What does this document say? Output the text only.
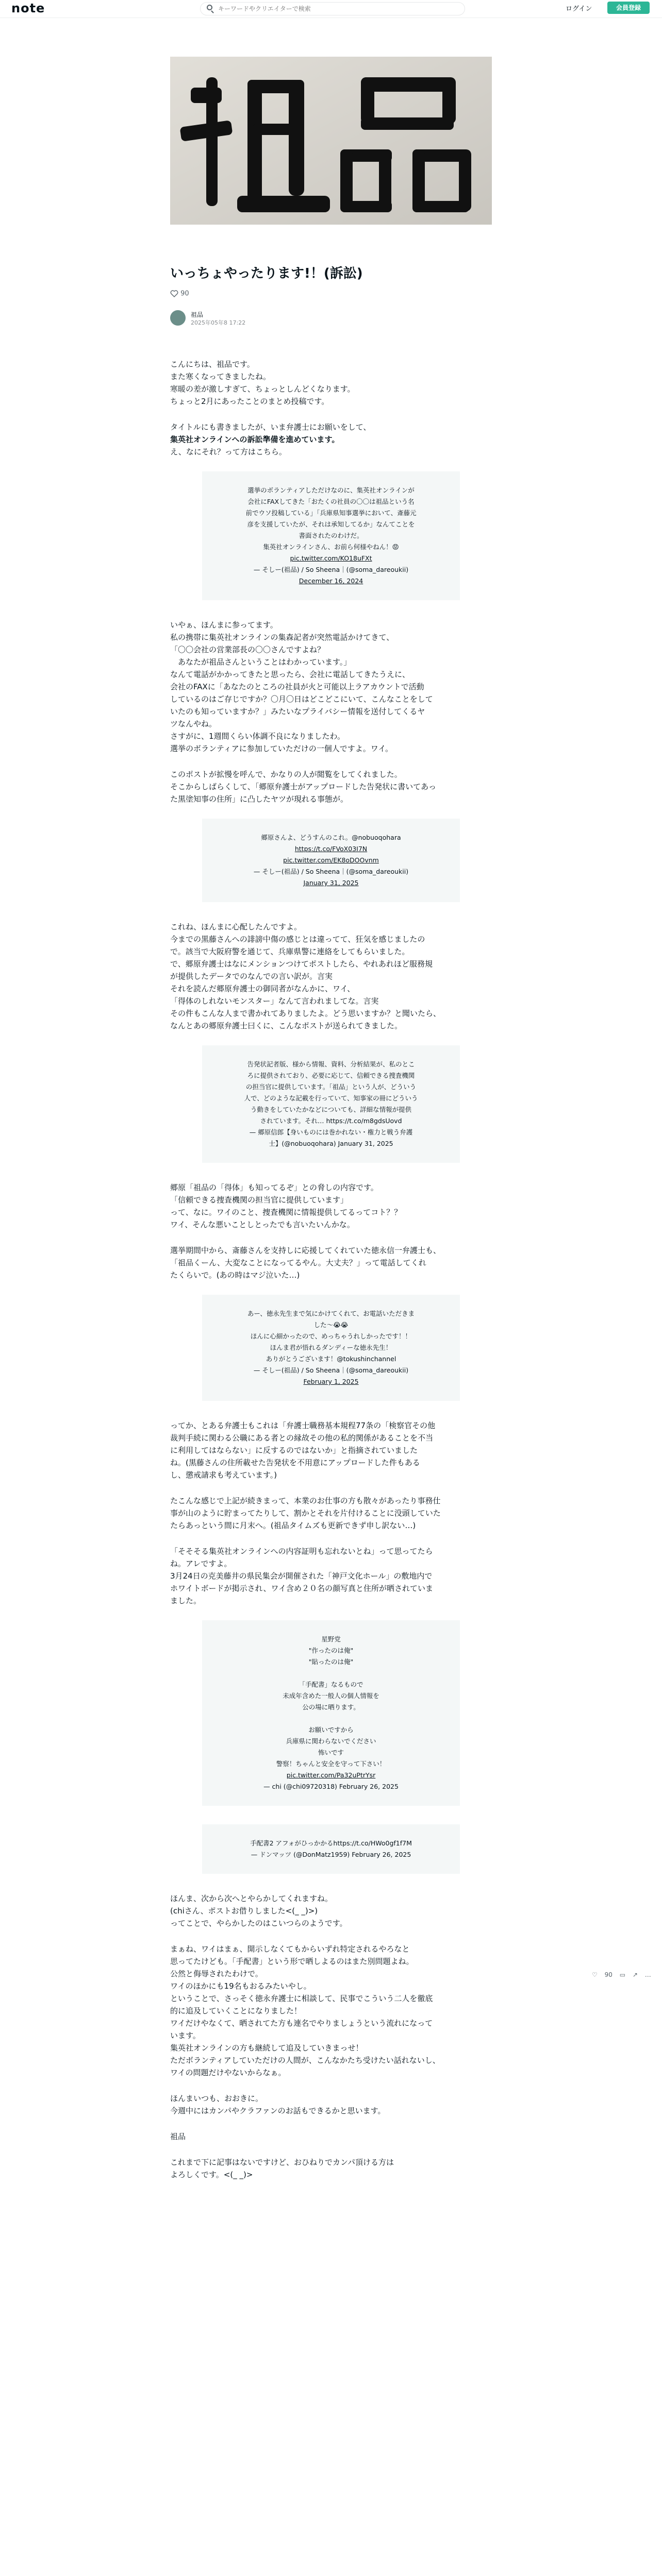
note
キーワードやクリエイターで検索	ログイン	会員登録
いっちょやったります!！(訴訟)
90
祖品
2025年05年8 17:22

こんにちは、祖品です。
また寒くなってきましたね。
寒暖の差が激しすぎて、ちょっとしんどくなります。
ちょっと2月にあったことのまとめ投稿です。

タイトルにも書きましたが、いま弁護士にお願いをして、
集英社オンラインへの訴訟準備を進めています。
え、なにそれ？って方はこちら。

選挙のボランティアしただけなのに、集英社オンラインが
会社にFAXしてきた「おたくの社員の〇〇は祖品という名
前でウソ投稿している」「兵庫県知事選挙において、斎藤元
彦を支援していたが、それは承知してるか」なんてことを
書面されたのわけだ。
集英社オンラインさん、お前ら何様やねん！😡
pic.twitter.com/KO18uFXt
— そしー(祖品) / So Sheena｜(@soma_dareoukii)
December 16, 2024

いやぁ、ほんまに参ってます。
私の携帯に集英社オンラインの集森記者が突然電話かけてきて、
「〇〇会社の営業部長の〇〇さんですよね？
　あなたが祖品さんということはわかっています。」
なんて電話がかかってきたと思ったら、会社に電話してきたうえに、
会社のFAXに「あなたのところの社員が火と可能以上ラアカウントで活動
しているのはご存じですか？〇月〇日はどこどこにいて、こんなことをして
いたのも知っていますか？」みたいなプライバシー情報を送付してくるヤ
ツなんやね。
さすがに、1週間くらい体調不良になりましたわ。
選挙のボランティアに参加していただけの一個人ですよ。ワイ。

このポストが拡慢を呼んで、かなりの人が閲覧をしてくれました。
そこからしばらくして、「郷原弁護士がアップロードした告発状に書いてあっ
た黒塗知事の住所」に凸したヤツが現れる事態が。

郷原さんよ、どうすんのこれ。@nobuoqohara
https://t.co/FVoX03I7N
pic.twitter.com/EK8oDOOvnm
— そしー(祖品) / So Sheena｜(@soma_dareoukii)
January 31, 2025

これね、ほんまに心配したんですよ。
今までの黒藤さんへの誹謗中傷の感じとは違ってて、狂気を感じましたの
で。該当で大阪府警を通じて、兵庫県警に連絡をしてもらいました。
で、郷原弁護士はなにメンションつけてポストしたら、やれあれほど服務規
が提供したデータでのなんでの言い訳が。言実
それを読んだ郷原弁護士の御同者がなんかに、ワイ、
「得体のしれないモンスター」なんて言われましてな。言実
その件もこんな人まで書かれてありましたよ。どう思いますか？と聞いたら、
なんとあの郷原弁護士曰くに、こんなポストが送られてきました。

告発状記者版、様から情報、資料、分析結果が、私のとこ
ろに提供されており、必要に応じて、信頼できる捜査機関
の担当官に提供しています。「祖品」という人が、どういう
人で、どのような記載を行っていて、知事家の冊にどういう
う動きをしていたかなどについても、詳細な情報が提供
されています。それ… https://t.co/m8gdsUovd
— 郷原信郎【身いものには巻かれない・権力と戦う弁護
士】(@nobuoqohara) January 31, 2025

郷原「祖品の「得体」も知ってるぞ」との脅しの内容です。
「信頼できる捜査機関の担当官に提供しています」
って、なに。ワイのこと、捜査機関に情報提供してるってコト？？
ワイ、そんな悪いことしとったでも言いたいんかな。

選挙期間中から、斎藤さんを支持しに応援してくれていた徳永信一弁護士も、
「祖品くーん、大変なことになってるやん。大丈夫？」って電話してくれ
たくらいで。(あの時はマジ泣いた…)

あー、徳永先生まで気にかけてくれて、お電話いただきま
した〜😭😭
ほんに心細かったので、めっちゃうれしかったです！！
ほんま君が悟れるダンディーな徳永先生！
ありがとうございます！@tokushinchannel
— そしー(祖品) / So Sheena｜(@soma_dareoukii)
February 1, 2025

ってか、とある弁護士もこれは「弁護士職務基本規程77条の「検察官その他
裁判手続に関わる公職にある者との縁故その他の私的関係があることを不当
に利用してはならない」に反するのではないか」と指摘されていました
ね。(黒藤さんの住所載せた告発状を不用意にアップロードした件もある
し、懲戒請求も考えています。)

たこんな感じで上記が続きまって、本業のお仕事の方も散々があったり事務仕
事が山のように貯まってたりして、割かとそれを片付けることに没頭していた
たらあっという間に月末へ。(祖品タイムズも更新できず申し訳ない…)

「そそそる集英社オンラインへの内容証明も忘れないとね」って思ってたら
ね。アレですよ。
3月24日の克美藤井の県民集会が開催された「神戸文化ホール」の敷地内で
ホワイトボードが掲示され、ワイ含め２０名の顔写真と住所が晒されていま
ました。

星野党
"作ったのは俺"
"貼ったのは俺"

「手配書」なるもので
未成年含めた一般人の個人情報を
公の場に晒ります。

お願いですから
兵庫県に関わらないでください
怖いです
警察！ちゃんと安全を守って下さい！
pic.twitter.com/Pa32uPtrYsr
— chi (@chi09720318) February 26, 2025
手配書2 アフォがひっかかるhttps://t.co/HWo0gf1f7M
— ドンマッツ (@DonMatz1959) February 26, 2025

ほんま、次から次へとやらかしてくれますね。
(chiさん、ポストお借りしました<(_ _)>)
ってことで、やらかしたのはこいつらのようです。

まぁね、ワイはまぁ、開示しなくてもからいずれ特定されるやろなと
思ってたけども。「手配書」という形で晒しよるのはまた別問題よね。
公然と侮辱されたわけで。
ワイのほかにも19名もおるみたいやし。
ということで、さっそく徳永弁護士に相談して、民事でこういう二人を徹底
的に追及していくことになりました！
ワイだけやなくて、晒されてた方も連名でやりましょうという流れになって
います。
集英社オンラインの方も継続して追及していきまっせ！
ただボランティアしていただけの人間が、こんなかたち受けたい話れないし、
ワイの問題だけやないからなぁ。

ほんまいつも、おおきに。
今週中にはカンパやクラファンのお話もできるかと思います。

祖品

これまで下に記事はないですけど、おひねりでカンパ頂ける方は
よろしくです。<(_ _)>

♡ 90 ▭ ↗ …
